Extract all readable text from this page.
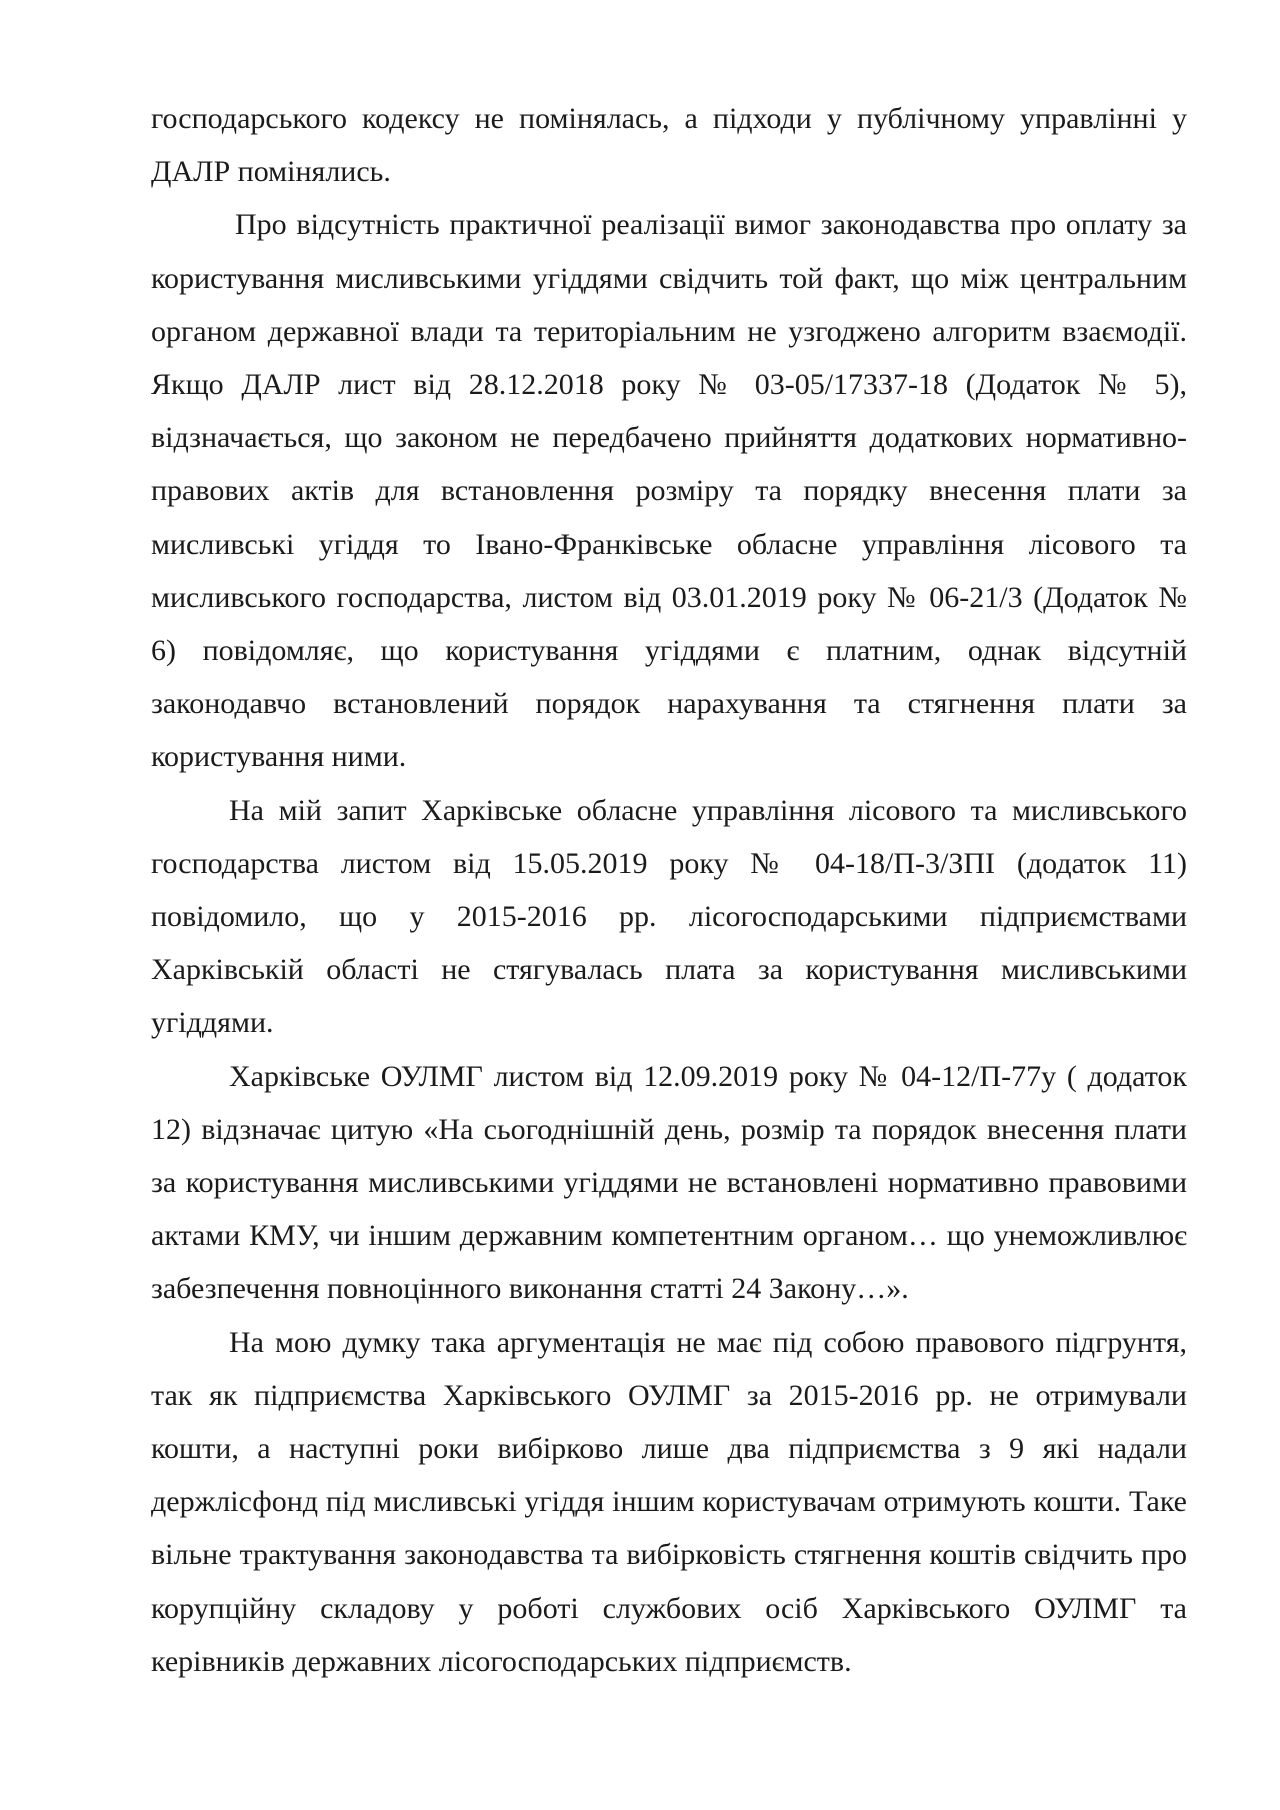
господарського кодексу не помінялась, а підходи у публічному управлінні у ДАЛР помінялись.

Про відсутність практичної реалізації вимог законодавства про оплату за користування мисливськими угіддями свідчить той факт, що між центральним органом державної влади та територіальним не узгоджено алгоритм взаємодії. Якщо ДАЛР лист від 28.12.2018 року № 03-05/17337-18 (Додаток № 5), відзначається, що законом не передбачено прийняття додаткових нормативно-правових актів для встановлення розміру та порядку внесення плати за мисливські угіддя то Івано-Франківське обласне управління лісового та мисливського господарства, листом від 03.01.2019 року № 06-21/3 (Додаток № 6) повідомляє, що користування угіддями є платним, однак відсутній законодавчо встановлений порядок нарахування та стягнення плати за користування ними.

На мій запит Харківське обласне управління лісового та мисливського господарства листом від 15.05.2019 року № 04-18/П-3/ЗПІ (додаток 11) повідомило, що у 2015-2016 рр. лісогосподарськими підприємствами Харківській області не стягувалась плата за користування мисливськими угіддями.

Харківське ОУЛМГ листом від 12.09.2019 року № 04-12/П-77у ( додаток 12) відзначає цитую «На сьогоднішній день, розмір та порядок внесення плати за користування мисливськими угіддями не встановлені нормативно правовими актами КМУ, чи іншим державним компетентним органом… що унеможливлює забезпечення повноцінного виконання статті 24 Закону…».

На мою думку така аргументація не має під собою правового підгрунтя, так як підприємства Харківського ОУЛМГ за 2015-2016 рр. не отримували кошти, а наступні роки вибірково лише два підприємства з 9 які надали держлісфонд під мисливські угіддя іншим користувачам отримують кошти. Таке вільне трактування законодавства та вибірковість стягнення коштів свідчить про корупційну складову у роботі службових осіб Харківського ОУЛМГ та керівників державних лісогосподарських підприємств.
